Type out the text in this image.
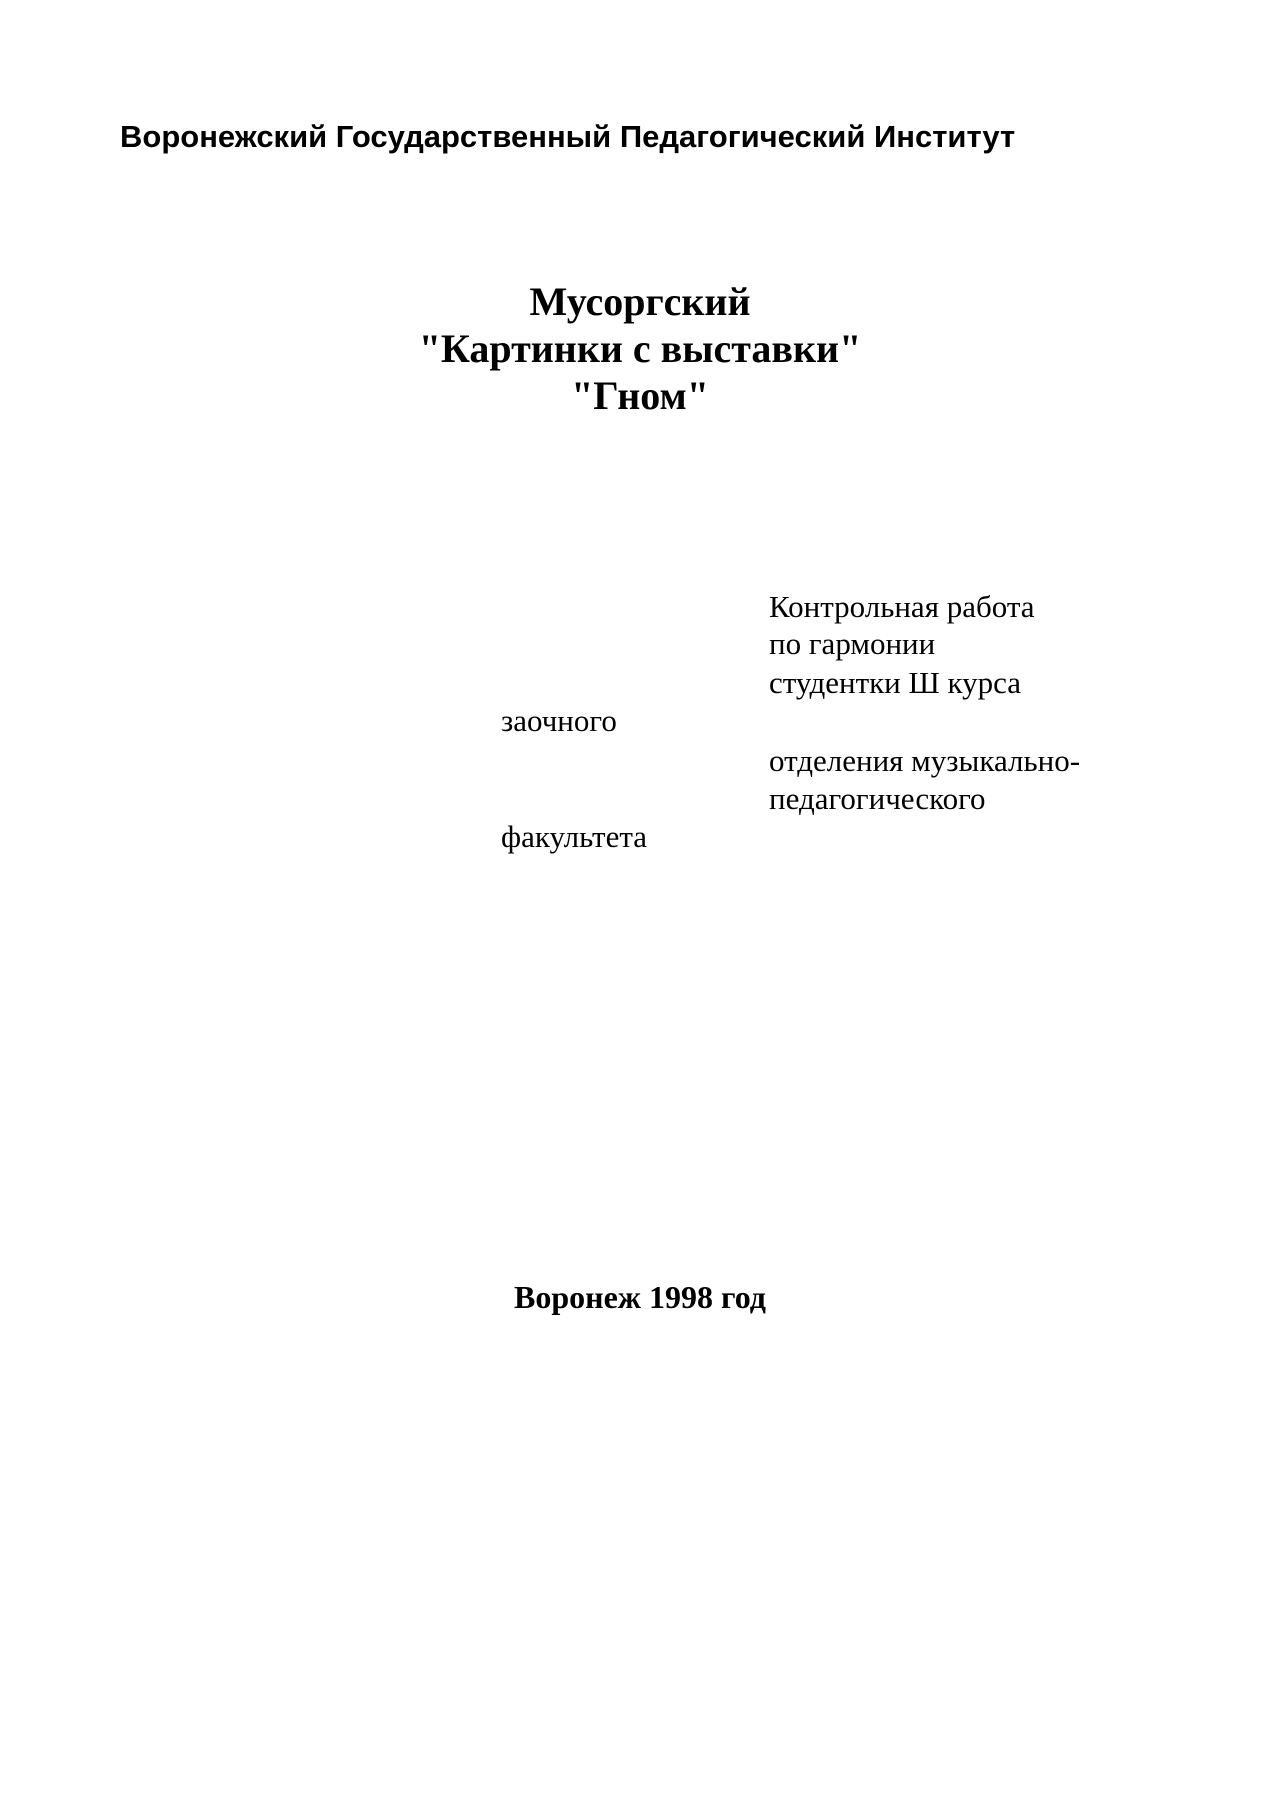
Воронежский Государственный Педагогический Институт
Мусоргский
"Картинки с выставки"
"Гном"
Контрольная работа
по гармонии
студентки Ш курса
заочного
отделения музыкально-
педагогического
факультета
Воронеж 1998 год
